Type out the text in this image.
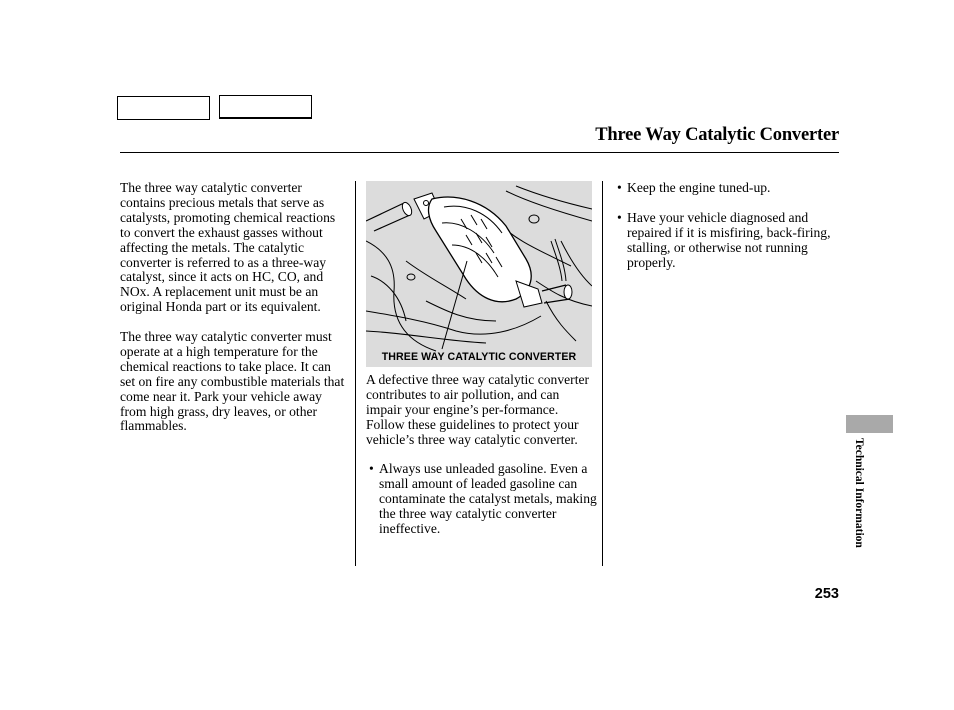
Three Way Catalytic Converter

The three way catalytic converter contains precious metals that serve as catalysts, promoting chemical reactions to convert the exhaust gasses without affecting the metals. The catalytic converter is referred to as a three-way catalyst, since it acts on HC, CO, and NOx. A replacement unit must be an original Honda part or its equivalent.

The three way catalytic converter must operate at a high temperature for the chemical reactions to take place. It can set on fire any combustible materials that come near it. Park your vehicle away from high grass, dry leaves, or other flammables.

THREE WAY CATALYTIC CONVERTER

A defective three way catalytic converter contributes to air pollution, and can impair your engine’s per-formance. Follow these guidelines to protect your vehicle’s three way catalytic converter.

• Always use unleaded gasoline. Even a small amount of leaded gasoline can contaminate the catalyst metals, making the three way catalytic converter ineffective.
• Keep the engine tuned-up.
• Have your vehicle diagnosed and repaired if it is misfiring, back-firing, stalling, or otherwise not running properly.
Technical Information
253
